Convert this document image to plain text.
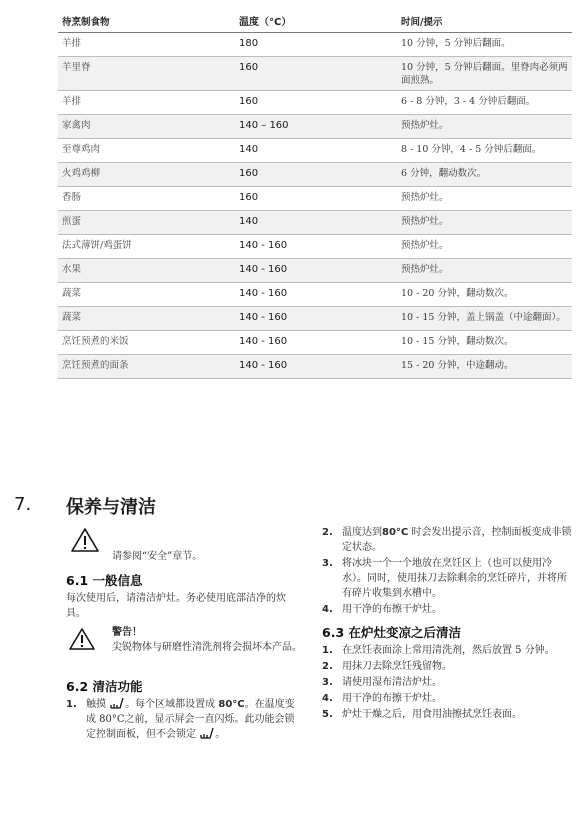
待烹制食物	温度（°C）	时间/提示
羊排	180	10 分钟，5 分钟后翻面。
羊里脊	160	10 分钟，5 分钟后翻面。里脊肉必须两面煎熟。
羊排	160	6 - 8 分钟，3 - 4 分钟后翻面。
家禽肉	140 – 160	预热炉灶。
至尊鸡肉	140	8 - 10 分钟，4 - 5 分钟后翻面。
火鸡鸡柳	160	6 分钟，翻动数次。
香肠	160	预热炉灶。
煎蛋	140	预热炉灶。
法式薄饼/鸡蛋饼	140 - 160	预热炉灶。
水果	140 - 160	预热炉灶。
蔬菜	140 - 160	10 - 20 分钟，翻动数次。
蔬菜	140 - 160	10 - 15 分钟，盖上锅盖（中途翻面）。
烹饪预煮的米饭	140 - 160	10 - 15 分钟，翻动数次。
烹饪预煮的面条	140 - 160	15 - 20 分钟，中途翻动。
7. 保养与清洁
请参阅“安全”章节。
6.1 一般信息

每次使用后，请清洁炉灶。务必使用底部洁净的炊具。

警告！
尖锐物体与研磨性清洗剂将会损坏本产品。
6.2 清洁功能
1. 触摸 。每个区域都设置成 80°C。在温度变成 80°C之前，显示屏会一直闪烁。此功能会锁定控制面板，但不会锁定 。
2. 温度达到80°C 时会发出提示音，控制面板变成非锁定状态。
3. 将冰块一个一个地放在烹饪区上（也可以使用冷水）。同时，使用抹刀去除剩余的烹饪碎片，并将所有碎片收集到水槽中。
4. 用干净的布擦干炉灶。
6.3 在炉灶变凉之后清洁
1. 在烹饪表面涂上常用清洗剂，然后放置 5 分钟。
2. 用抹刀去除烹饪残留物。
3. 请使用湿布清洁炉灶。
4. 用干净的布擦干炉灶。
5. 炉灶干燥之后，用食用油擦拭烹饪表面。
